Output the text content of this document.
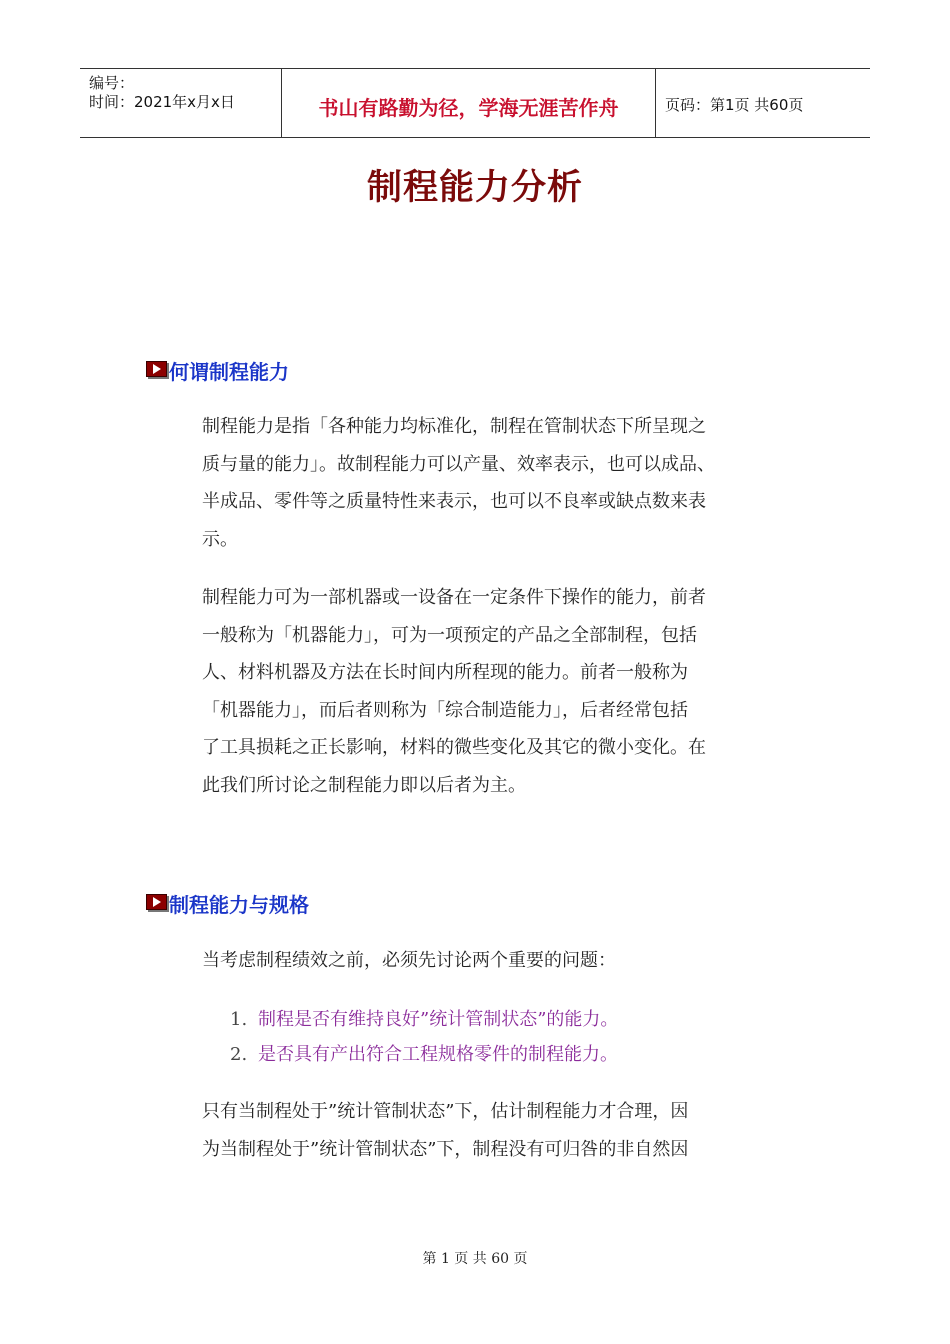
编号：
时间：2021年x月x日	书山有路勤为径，学海无涯苦作舟	页码：第1页 共60页
制程能力分析
何谓制程能力
制程能力是指「各种能力均标准化，制程在管制状态下所呈现之
质与量的能力」。故制程能力可以产量、效率表示，也可以成品、
半成品、零件等之质量特性来表示，也可以不良率或缺点数来表
示。
制程能力可为一部机器或一设备在一定条件下操作的能力，前者
一般称为「机器能力」，可为一项预定的产品之全部制程，包括
人、材料机器及方法在长时间内所程现的能力。前者一般称为
「机器能力」，而后者则称为「综合制造能力」，后者经常包括
了工具损耗之正长影响，材料的微些变化及其它的微小变化。在
此我们所讨论之制程能力即以后者为主。
制程能力与规格
当考虑制程绩效之前，必须先讨论两个重要的问题：
1. 制程是否有维持良好”统计管制状态”的能力。
2. 是否具有产出符合工程规格零件的制程能力。
只有当制程处于”统计管制状态”下，估计制程能力才合理，因
为当制程处于”统计管制状态”下，制程没有可归咎的非自然因
第 1 页 共 60 页
